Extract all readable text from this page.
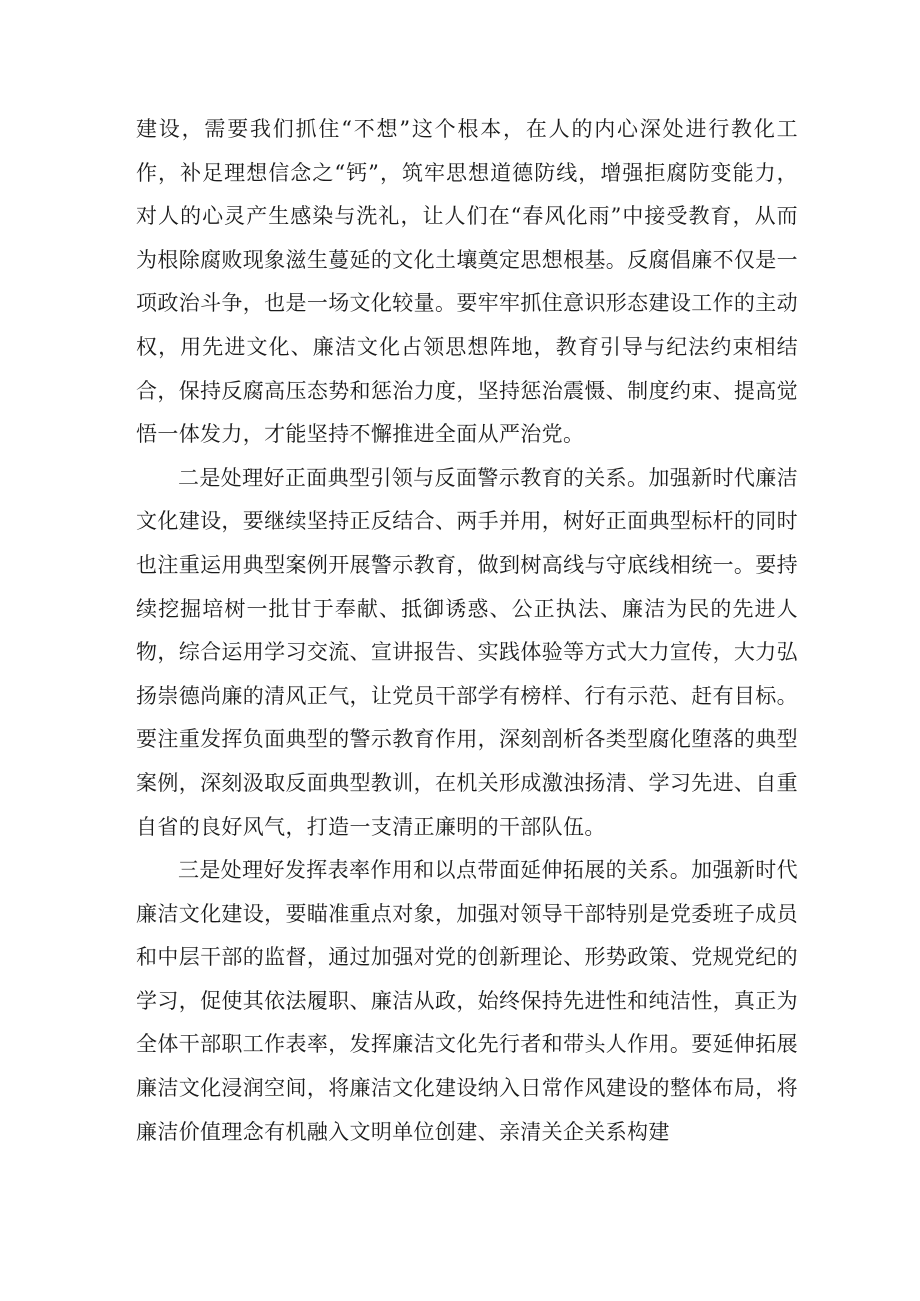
建设，需要我们抓住“不想”这个根本，在人的内心深处进行教化工作，补足理想信念之“钙”，筑牢思想道德防线，增强拒腐防变能力，对人的心灵产生感染与洗礼，让人们在“春风化雨”中接受教育，从而为根除腐败现象滋生蔓延的文化土壤奠定思想根基。反腐倡廉不仅是一项政治斗争，也是一场文化较量。要牢牢抓住意识形态建设工作的主动权，用先进文化、廉洁文化占领思想阵地，教育引导与纪法约束相结合，保持反腐高压态势和惩治力度，坚持惩治震慑、制度约束、提高觉悟一体发力，才能坚持不懈推进全面从严治党。

二是处理好正面典型引领与反面警示教育的关系。加强新时代廉洁文化建设，要继续坚持正反结合、两手并用，树好正面典型标杆的同时也注重运用典型案例开展警示教育，做到树高线与守底线相统一。要持续挖掘培树一批甘于奉献、抵御诱惑、公正执法、廉洁为民的先进人物，综合运用学习交流、宣讲报告、实践体验等方式大力宣传，大力弘扬崇德尚廉的清风正气，让党员干部学有榜样、行有示范、赶有目标。要注重发挥负面典型的警示教育作用，深刻剖析各类型腐化堕落的典型案例，深刻汲取反面典型教训，在机关形成激浊扬清、学习先进、自重自省的良好风气，打造一支清正廉明的干部队伍。

三是处理好发挥表率作用和以点带面延伸拓展的关系。加强新时代廉洁文化建设，要瞄准重点对象，加强对领导干部特别是党委班子成员和中层干部的监督，通过加强对党的创新理论、形势政策、党规党纪的学习，促使其依法履职、廉洁从政，始终保持先进性和纯洁性，真正为全体干部职工作表率，发挥廉洁文化先行者和带头人作用。要延伸拓展廉洁文化浸润空间，将廉洁文化建设纳入日常作风建设的整体布局，将廉洁价值理念有机融入文明单位创建、亲清关企关系构建
